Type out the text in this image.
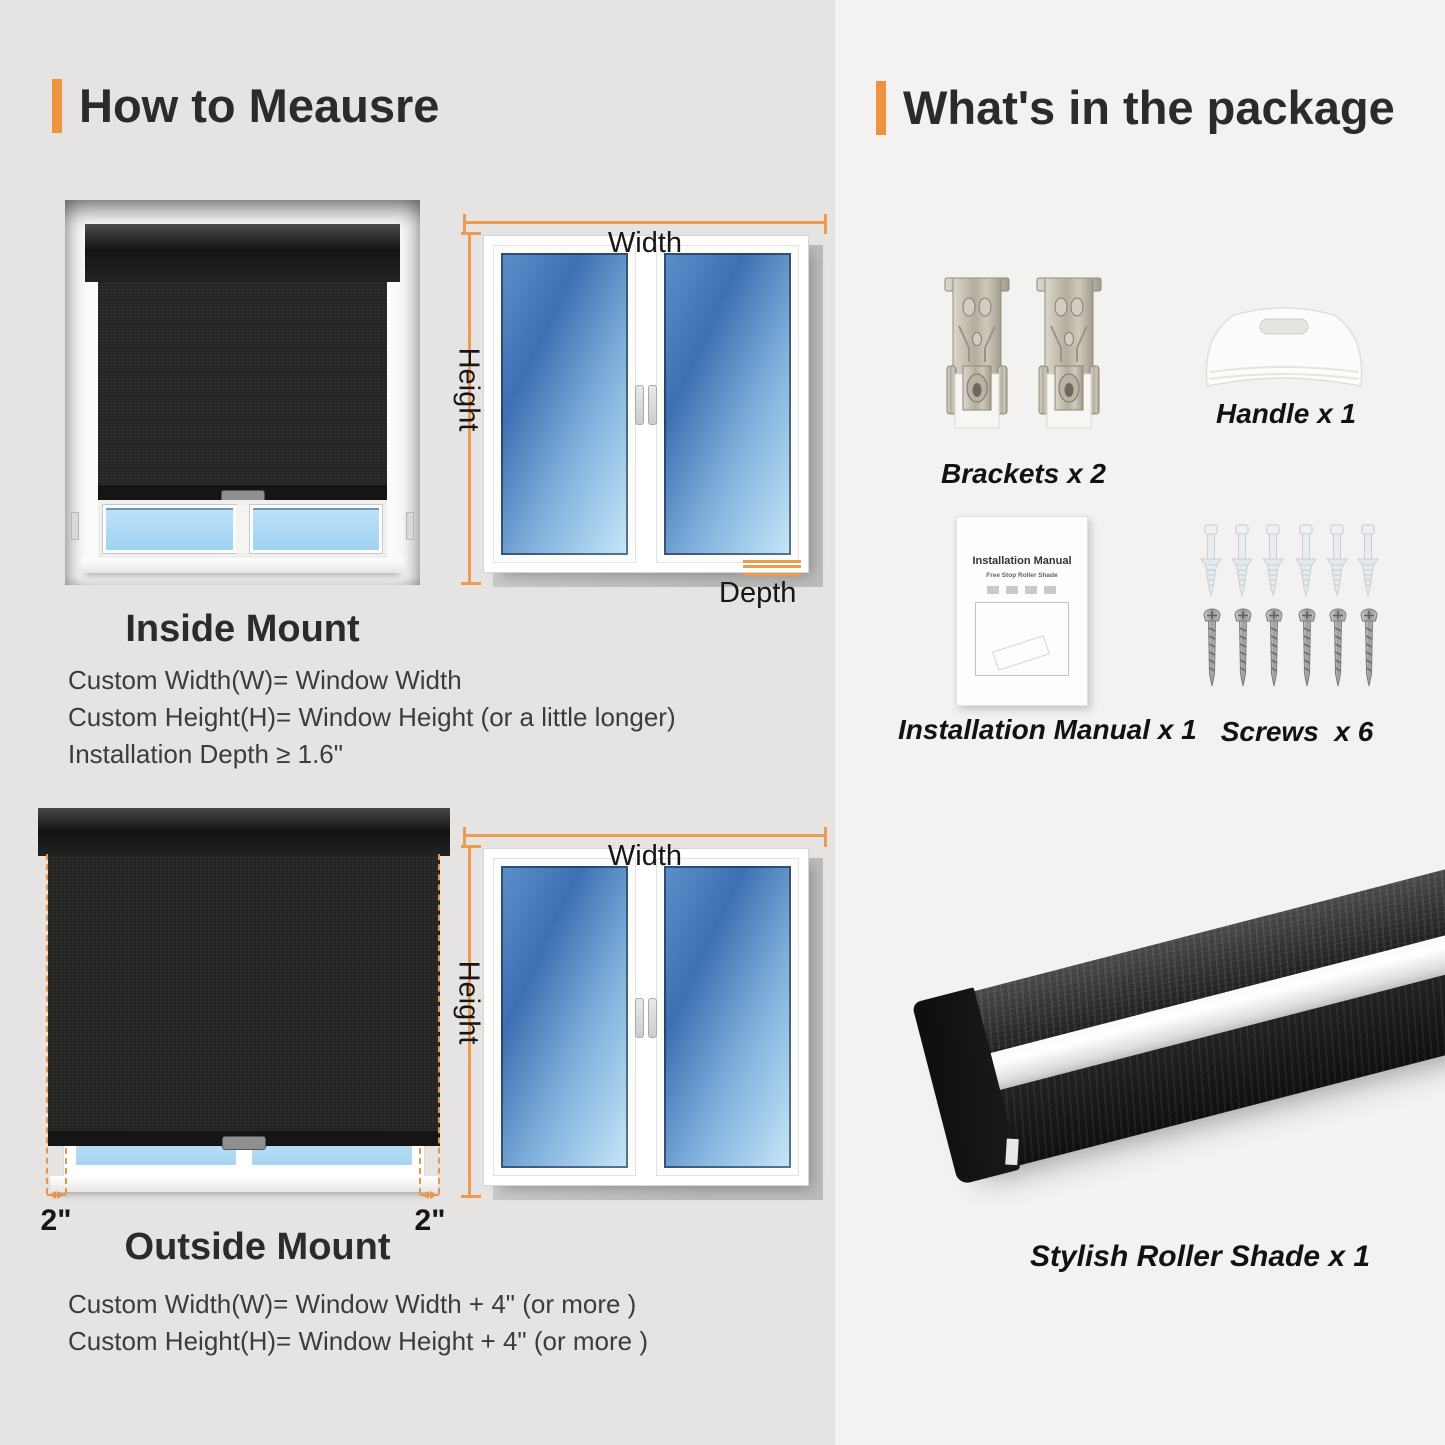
How to Meausre
Width
Height
Depth
Inside Mount
Custom Width(W)= Window Width
Custom Height(H)= Window Height (or a little longer)
Installation Depth ≥ 1.6"
2"	2"
Width
Height
Outside Mount
Custom Width(W)= Window Width + 4" (or more )
Custom Height(H)= Window Height + 4" (or more )
What's in the package
Brackets x 2
Handle x 1
Installation Manual
Free Stop Roller Shade
Installation Manual x 1 Screws  x 6
Stylish Roller Shade x 1
